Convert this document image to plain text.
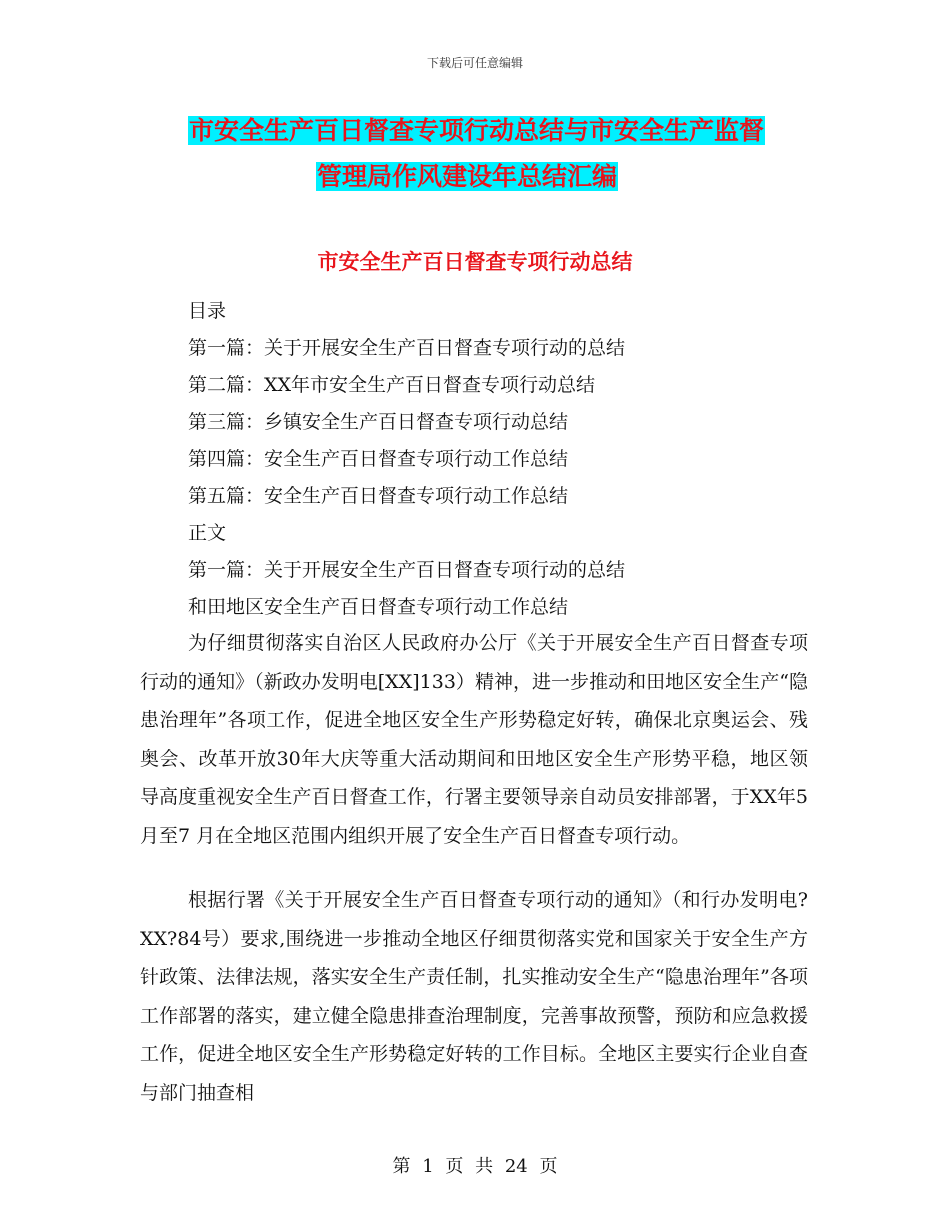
下载后可任意编辑
市安全生产百日督查专项行动总结与市安全生产监督
管理局作风建设年总结汇编
市安全生产百日督查专项行动总结
目录
第一篇：关于开展安全生产百日督查专项行动的总结
第二篇：XX年市安全生产百日督查专项行动总结
第三篇：乡镇安全生产百日督查专项行动总结
第四篇：安全生产百日督查专项行动工作总结
第五篇：安全生产百日督查专项行动工作总结
正文
第一篇：关于开展安全生产百日督查专项行动的总结
和田地区安全生产百日督查专项行动工作总结
为仔细贯彻落实自治区人民政府办公厅《关于开展安全生产百日督查专项行动的通知》（新政办发明电[XX]133）精神，进一步推动和田地区安全生产“隐患治理年”各项工作，促进全地区安全生产形势稳定好转，确保北京奥运会、残奥会、改革开放30年大庆等重大活动期间和田地区安全生产形势平稳，地区领导高度重视安全生产百日督查工作，行署主要领导亲自动员安排部署，于XX年5 月至7 月在全地区范围内组织开展了安全生产百日督查专项行动。
根据行署《关于开展安全生产百日督查专项行动的通知》（和行办发明电?XX?84号）要求,围绕进一步推动全地区仔细贯彻落实党和国家关于安全生产方针政策、法律法规，落实安全生产责任制，扎实推动安全生产“隐患治理年”各项工作部署的落实，建立健全隐患排查治理制度，完善事故预警，预防和应急救援工作，促进全地区安全生产形势稳定好转的工作目标。全地区主要实行企业自查与部门抽查相
第 1 页 共 24 页
